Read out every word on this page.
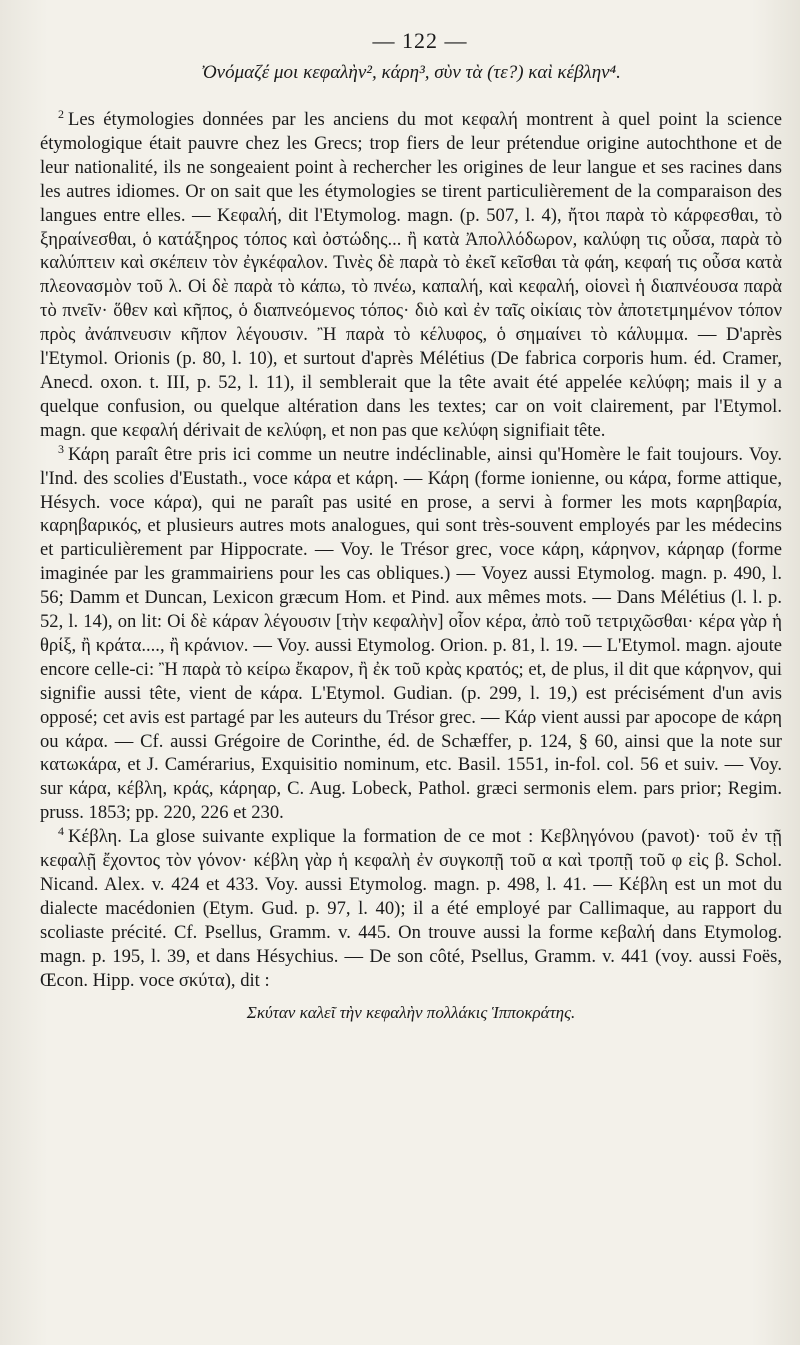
— 122 —

Ὀνόμαζέ μοι κεφαλὴν², κάρη³, σὺν τὰ (τε?) καὶ κέβλην⁴.

$^2$ Les étymologies données par les anciens du mot κεφαλή montrent à quel point la science étymologique était pauvre chez les Grecs; trop fiers de leur prétendue origine autochthone et de leur nationalité, ils ne songeaient point à rechercher les origines de leur langue et ses racines dans les autres idiomes. Or on sait que les étymologies se tirent particulièrement de la comparaison des langues entre elles. — Κεφαλή, dit l'Etymolog. magn. (p. 507, l. 4), ἤτοι παρὰ τὸ κάρφεσθαι, τὸ ξηραίνεσθαι, ὁ κατάξηρος τόπος καὶ ὀστώδης... ἢ κατὰ Ἀπολλόδωρον, καλύφη τις οὖσα, παρὰ τὸ καλύπτειν καὶ σκέπειν τὸν ἐγκέφαλον. Τινὲς δὲ παρὰ τὸ ἐκεῖ κεῖσθαι τὰ φάη, κεφαή τις οὖσα κατὰ πλεονασμὸν τοῦ λ. Οἱ δὲ παρὰ τὸ κάπω, τὸ πνέω, καπαλή, καὶ κεφαλή, οἱονεὶ ἡ διαπνέουσα παρὰ τὸ πνεῖν· ὅθεν καὶ κῆπος, ὁ διαπνεόμενος τόπος· διὸ καὶ ἐν ταῖς οἰκίαις τὸν ἀποτετμημένον τόπον πρὸς ἀνάπνευσιν κῆπον λέγουσιν. Ἢ παρὰ τὸ κέλυφος, ὁ σημαίνει τὸ κάλυμμα. — D'après l'Etymol. Orionis (p. 80, l. 10), et surtout d'après Mélétius (De fabrica corporis hum. éd. Cramer, Anecd. oxon. t. III, p. 52, l. 11), il semblerait que la tête avait été appelée κελύφη; mais il y a quelque confusion, ou quelque altération dans les textes; car on voit clairement, par l'Etymol. magn. que κεφαλή dérivait de κελύφη, et non pas que κελύφη signifiait tête.

$^3$ Κάρη paraît être pris ici comme un neutre indéclinable, ainsi qu'Homère le fait toujours. Voy. l'Ind. des scolies d'Eustath., voce κάρα et κάρη. — Κάρη (forme ionienne, ou κάρα, forme attique, Hésych. voce κάρα), qui ne paraît pas usité en prose, a servi à former les mots καρηβαρία, καρηβαρικός, et plusieurs autres mots analogues, qui sont très-souvent employés par les médecins et particulièrement par Hippocrate. — Voy. le Trésor grec, voce κάρη, κάρηνον, κάρηαρ (forme imaginée par les grammairiens pour les cas obliques.) — Voyez aussi Etymolog. magn. p. 490, l. 56; Damm et Duncan, Lexicon græcum Hom. et Pind. aux mêmes mots. — Dans Mélétius (l. l. p. 52, l. 14), on lit: Οἱ δὲ κάραν λέγουσιν [τὴν κεφαλὴν] οἷον κέρα, ἀπὸ τοῦ τετριχῶσθαι· κέρα γὰρ ἡ θρίξ, ἢ κράτα...., ἢ κράνιον. — Voy. aussi Etymolog. Orion. p. 81, l. 19. — L'Etymol. magn. ajoute encore celle-ci: Ἢ παρὰ τὸ κείρω ἔκαρον, ἢ ἐκ τοῦ κρὰς κρατός; et, de plus, il dit que κάρηνον, qui signifie aussi tête, vient de κάρα. L'Etymol. Gudian. (p. 299, l. 19,) est précisément d'un avis opposé; cet avis est partagé par les auteurs du Trésor grec. — Κάρ vient aussi par apocope de κάρη ou κάρα. — Cf. aussi Grégoire de Corinthe, éd. de Schæffer, p. 124, § 60, ainsi que la note sur κατωκάρα, et J. Camérarius, Exquisitio nominum, etc. Basil. 1551, in-fol. col. 56 et suiv. — Voy. sur κάρα, κέβλη, κράς, κάρηαρ, C. Aug. Lobeck, Pathol. græci sermonis elem. pars prior; Regim. pruss. 1853; pp. 220, 226 et 230.

$^4$ Κέβλη. La glose suivante explique la formation de ce mot : Κεβληγόνου (pavot)· τοῦ ἐν τῇ κεφαλῇ ἔχοντος τὸν γόνον· κέβλη γὰρ ἡ κεφαλὴ ἐν συγκοπῇ τοῦ α καὶ τροπῇ τοῦ φ εἰς β. Schol. Nicand. Alex. v. 424 et 433. Voy. aussi Etymolog. magn. p. 498, l. 41. — Κέβλη est un mot du dialecte macédonien (Etym. Gud. p. 97, l. 40); il a été employé par Callimaque, au rapport du scoliaste précité. Cf. Psellus, Gramm. v. 445. On trouve aussi la forme κεβαλή dans Etymolog. magn. p. 195, l. 39, et dans Hésychius. — De son côté, Psellus, Gramm. v. 441 (voy. aussi Foës, Œcon. Hipp. voce σκύτα), dit :

Σκύταν καλεῖ τὴν κεφαλὴν πολλάκις Ἱπποκράτης.
